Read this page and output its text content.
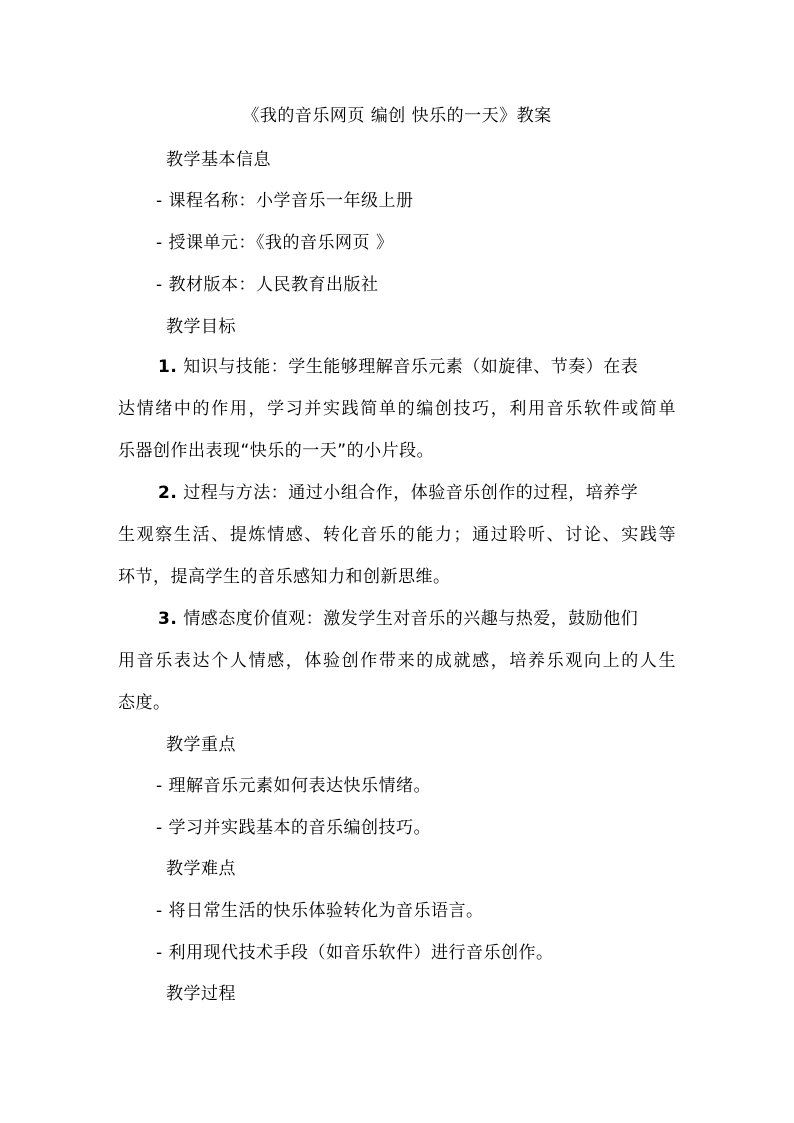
《我的音乐网页 编创 快乐的一天》教案
教学基本信息
- 课程名称：小学音乐一年级上册
- 授课单元：《我的音乐网页 》
- 教材版本：人民教育出版社
教学目标
1. 知识与技能：学生能够理解音乐元素（如旋律、节奏）在表
达情绪中的作用，学习并实践简单的编创技巧，利用音乐软件或简单
乐器创作出表现“快乐的一天”的小片段。
2. 过程与方法：通过小组合作，体验音乐创作的过程，培养学
生观察生活、提炼情感、转化音乐的能力；通过聆听、讨论、实践等
环节，提高学生的音乐感知力和创新思维。
3. 情感态度价值观：激发学生对音乐的兴趣与热爱，鼓励他们
用音乐表达个人情感，体验创作带来的成就感，培养乐观向上的人生
态度。
教学重点
- 理解音乐元素如何表达快乐情绪。
- 学习并实践基本的音乐编创技巧。
教学难点
- 将日常生活的快乐体验转化为音乐语言。
- 利用现代技术手段（如音乐软件）进行音乐创作。
教学过程
